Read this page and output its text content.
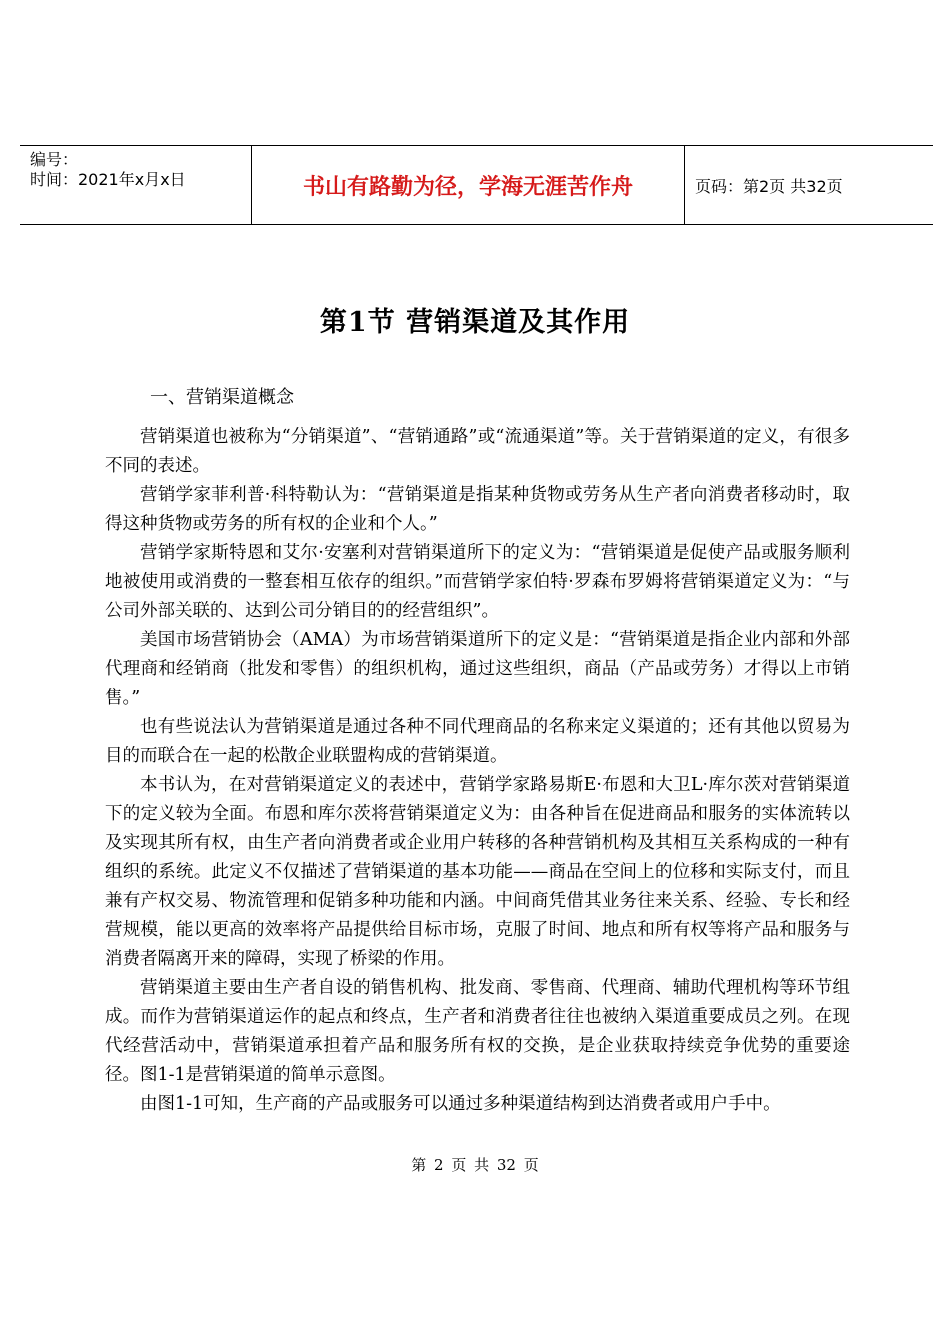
编号：
时间：2021年x月x日	书山有路勤为径，学海无涯苦作舟	页码：第2页 共32页
第1节 营销渠道及其作用
一、营销渠道概念

营销渠道也被称为“分销渠道”、“营销通路”或“流通渠道”等。关于营销渠道的定义，有很多不同的表述。

营销学家菲利普·科特勒认为：“营销渠道是指某种货物或劳务从生产者向消费者移动时，取得这种货物或劳务的所有权的企业和个人。”

营销学家斯特恩和艾尔·安塞利对营销渠道所下的定义为：“营销渠道是促使产品或服务顺利地被使用或消费的一整套相互依存的组织。”而营销学家伯特·罗森布罗姆将营销渠道定义为：“与公司外部关联的、达到公司分销目的的经营组织”。

美国市场营销协会（AMA）为市场营销渠道所下的定义是：“营销渠道是指企业内部和外部代理商和经销商（批发和零售）的组织机构，通过这些组织，商品（产品或劳务）才得以上市销售。”

也有些说法认为营销渠道是通过各种不同代理商品的名称来定义渠道的；还有其他以贸易为目的而联合在一起的松散企业联盟构成的营销渠道。

本书认为，在对营销渠道定义的表述中，营销学家路易斯E·布恩和大卫L·库尔茨对营销渠道下的定义较为全面。布恩和库尔茨将营销渠道定义为：由各种旨在促进商品和服务的实体流转以及实现其所有权，由生产者向消费者或企业用户转移的各种营销机构及其相互关系构成的一种有组织的系统。此定义不仅描述了营销渠道的基本功能——商品在空间上的位移和实际支付，而且兼有产权交易、物流管理和促销多种功能和内涵。中间商凭借其业务往来关系、经验、专长和经营规模，能以更高的效率将产品提供给目标市场，克服了时间、地点和所有权等将产品和服务与消费者隔离开来的障碍，实现了桥梁的作用。

营销渠道主要由生产者自设的销售机构、批发商、零售商、代理商、辅助代理机构等环节组成。而作为营销渠道运作的起点和终点，生产者和消费者往往也被纳入渠道重要成员之列。在现代经营活动中，营销渠道承担着产品和服务所有权的交换，是企业获取持续竞争优势的重要途径。图1-1是营销渠道的简单示意图。

由图1-1可知，生产商的产品或服务可以通过多种渠道结构到达消费者或用户手中。

第 2 页 共 32 页
